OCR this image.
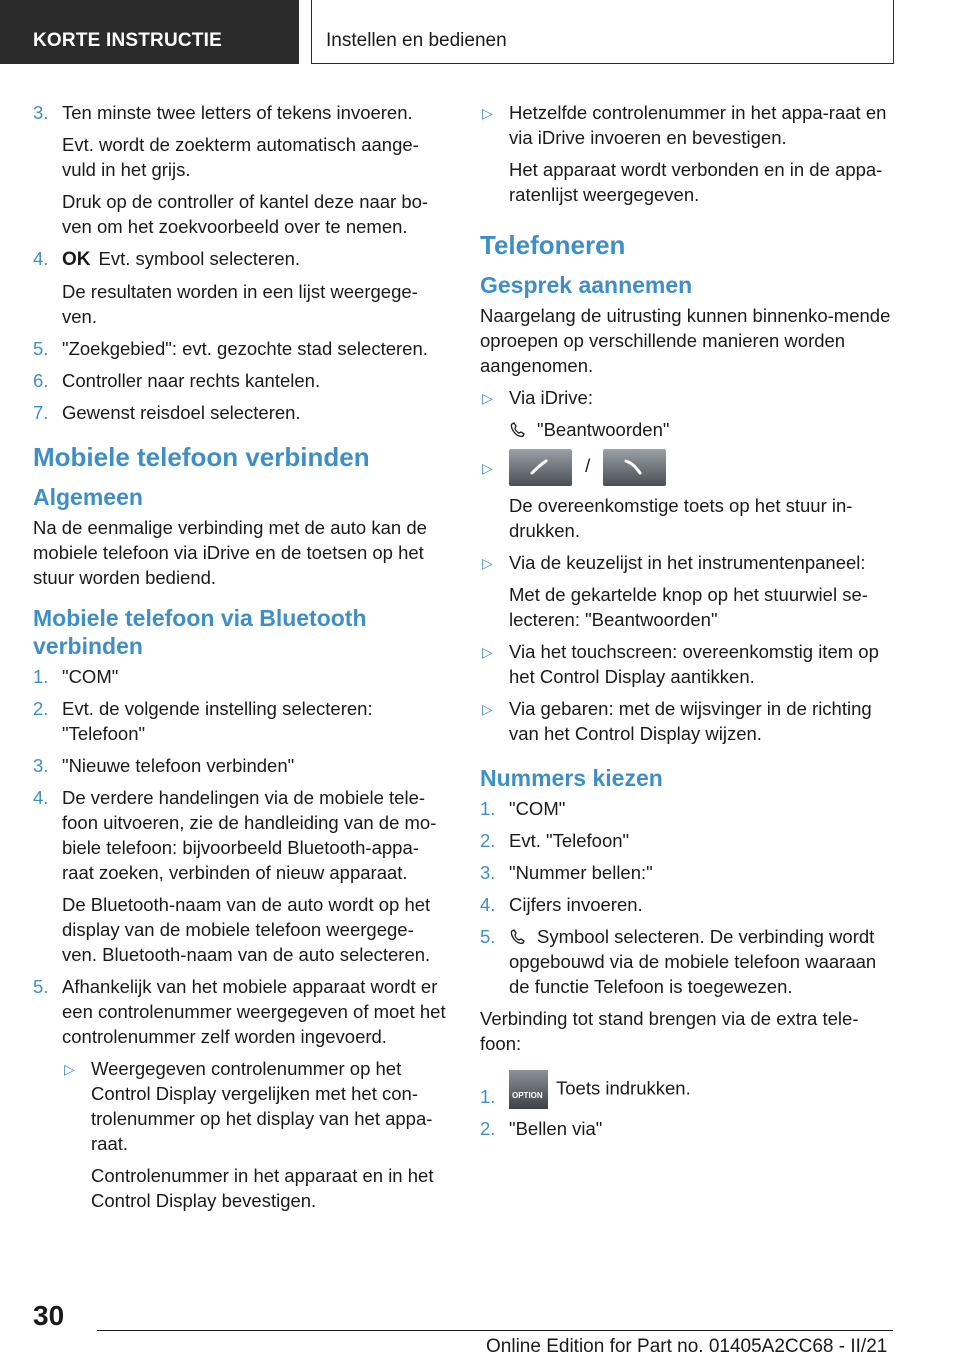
KORTE INSTRUCTIE	Instellen en bedienen
3. Ten minste twee letters of tekens invoeren.

Evt. wordt de zoekterm automatisch aange-vuld in het grijs.

Druk op de controller of kantel deze naar bo-ven om het zoekvoorbeeld over te nemen.

4. OK Evt. symbool selecteren.

De resultaten worden in een lijst weergege-ven.

5. "Zoekgebied": evt. gezochte stad selecteren.

6. Controller naar rechts kantelen.

7. Gewenst reisdoel selecteren.

Mobiele telefoon verbinden
Algemeen

Na de eenmalige verbinding met de auto kan de mobiele telefoon via iDrive en de toetsen op het stuur worden bediend.

Mobiele telefoon via Bluetooth verbinden
1. "COM"

2. Evt. de volgende instelling selecteren: "Telefoon"

3. "Nieuwe telefoon verbinden"

4. De verdere handelingen via de mobiele tele-foon uitvoeren, zie de handleiding van de mo-biele telefoon: bijvoorbeeld Bluetooth-appa-raat zoeken, verbinden of nieuw apparaat.

De Bluetooth-naam van de auto wordt op het display van de mobiele telefoon weergege-ven. Bluetooth-naam van de auto selecteren.

5. Afhankelijk van het mobiele apparaat wordt er een controlenummer weergegeven of moet het controlenummer zelf worden ingevoerd.

▷ Weergegeven controlenummer op het Control Display vergelijken met het con-trolenummer op het display van het appa-raat.

Controlenummer in het apparaat en in het Control Display bevestigen.

▷ Hetzelfde controlenummer in het appa-raat en via iDrive invoeren en bevestigen.

Het apparaat wordt verbonden en in de appa-ratenlijst weergegeven.

Telefoneren
Gesprek aannemen

Naargelang de uitrusting kunnen binnenko-mende oproepen op verschillende manieren worden aangenomen.

▷ Via iDrive:

"Beantwoorden"

▷	/

De overeenkomstige toets op het stuur in-drukken.

▷ Via de keuzelijst in het instrumentenpaneel:

Met de gekartelde knop op het stuurwiel se-lecteren: "Beantwoorden"

▷ Via het touchscreen: overeenkomstig item op het Control Display aantikken.

▷ Via gebaren: met de wijsvinger in de richting van het Control Display wijzen.

Nummers kiezen
1. "COM"

2. Evt. "Telefoon"

3. "Nummer bellen:"

4. Cijfers invoeren.

5.	Symbool selecteren. De verbinding wordt opgebouwd via de mobiele telefoon waaraan de functie Telefoon is toegewezen.

Verbinding tot stand brengen via de extra tele-foon:

1. OPTION Toets indrukken.

2. "Bellen via"

30
Online Edition for Part no. 01405A2CC68 - II/21
